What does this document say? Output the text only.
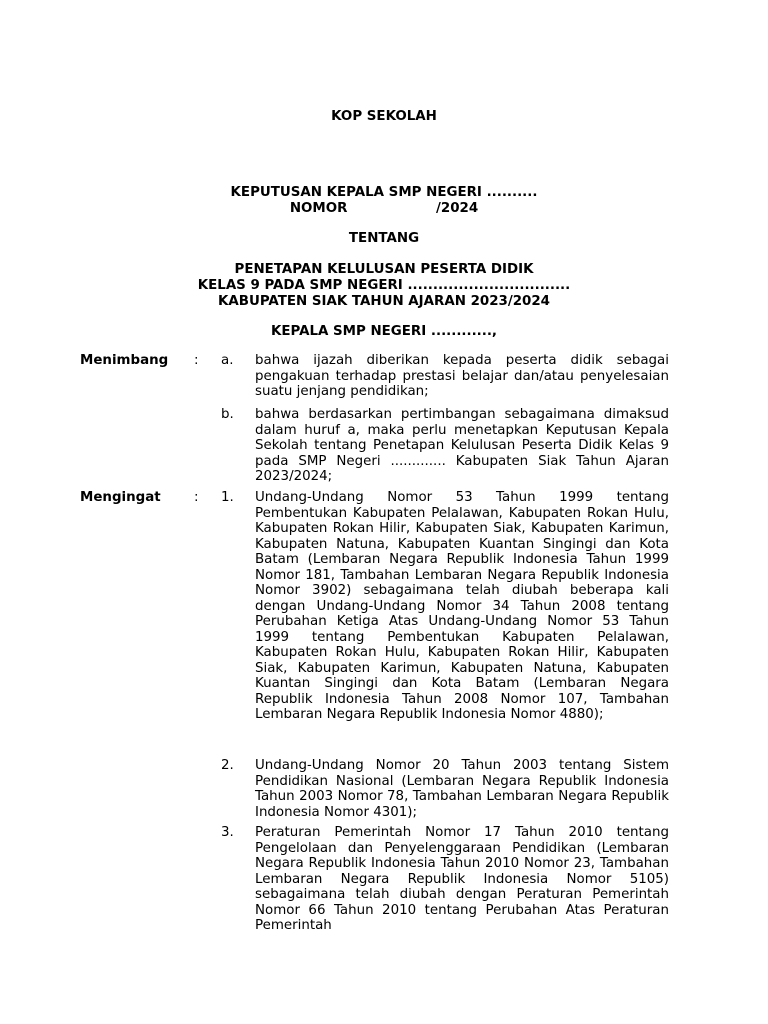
KOP SEKOLAH
KEPUTUSAN KEPALA SMP NEGERI ..........
NOMOR                   /2024
TENTANG
PENETAPAN KELULUSAN PESERTA DIDIK
KELAS 9 PADA SMP NEGERI ................................
KABUPATEN SIAK TAHUN AJARAN 2023/2024
KEPALA SMP NEGERI ............,
Menimbang	: a. bahwa ijazah diberikan kepada peserta didik sebagai pengakuan terhadap prestasi belajar dan/atau penyelesaian suatu jenjang pendidikan;
b. bahwa berdasarkan pertimbangan sebagaimana dimaksud dalam huruf a, maka perlu menetapkan Keputusan Kepala Sekolah tentang Penetapan Kelulusan Peserta Didik Kelas 9 pada SMP Negeri ............. Kabupaten Siak Tahun Ajaran 2023/2024;
Mengingat	: 1. Undang-Undang Nomor 53 Tahun 1999 tentang Pembentukan Kabupaten Pelalawan, Kabupaten Rokan Hulu, Kabupaten Rokan Hilir, Kabupaten Siak, Kabupaten Karimun, Kabupaten Natuna, Kabupaten Kuantan Singingi dan Kota Batam (Lembaran Negara Republik Indonesia Tahun 1999 Nomor 181, Tambahan Lembaran Negara Republik Indonesia Nomor 3902) sebagaimana telah diubah beberapa kali dengan Undang-Undang Nomor 34 Tahun 2008 tentang Perubahan Ketiga Atas Undang-Undang Nomor 53 Tahun 1999 tentang Pembentukan Kabupaten Pelalawan, Kabupaten Rokan Hulu, Kabupaten Rokan Hilir, Kabupaten Siak, Kabupaten Karimun, Kabupaten Natuna, Kabupaten Kuantan Singingi dan Kota Batam (Lembaran Negara Republik Indonesia Tahun 2008 Nomor 107, Tambahan Lembaran Negara Republik Indonesia Nomor 4880);
2. Undang-Undang Nomor 20 Tahun 2003 tentang Sistem Pendidikan Nasional (Lembaran Negara Republik Indonesia Tahun 2003 Nomor 78, Tambahan Lembaran Negara Republik Indonesia Nomor 4301);
3. Peraturan Pemerintah Nomor 17 Tahun 2010 tentang Pengelolaan dan Penyelenggaraan Pendidikan (Lembaran Negara Republik Indonesia Tahun 2010 Nomor 23, Tambahan Lembaran Negara Republik Indonesia Nomor 5105) sebagaimana telah diubah dengan Peraturan Pemerintah Nomor 66 Tahun 2010 tentang Perubahan Atas Peraturan Pemerintah
